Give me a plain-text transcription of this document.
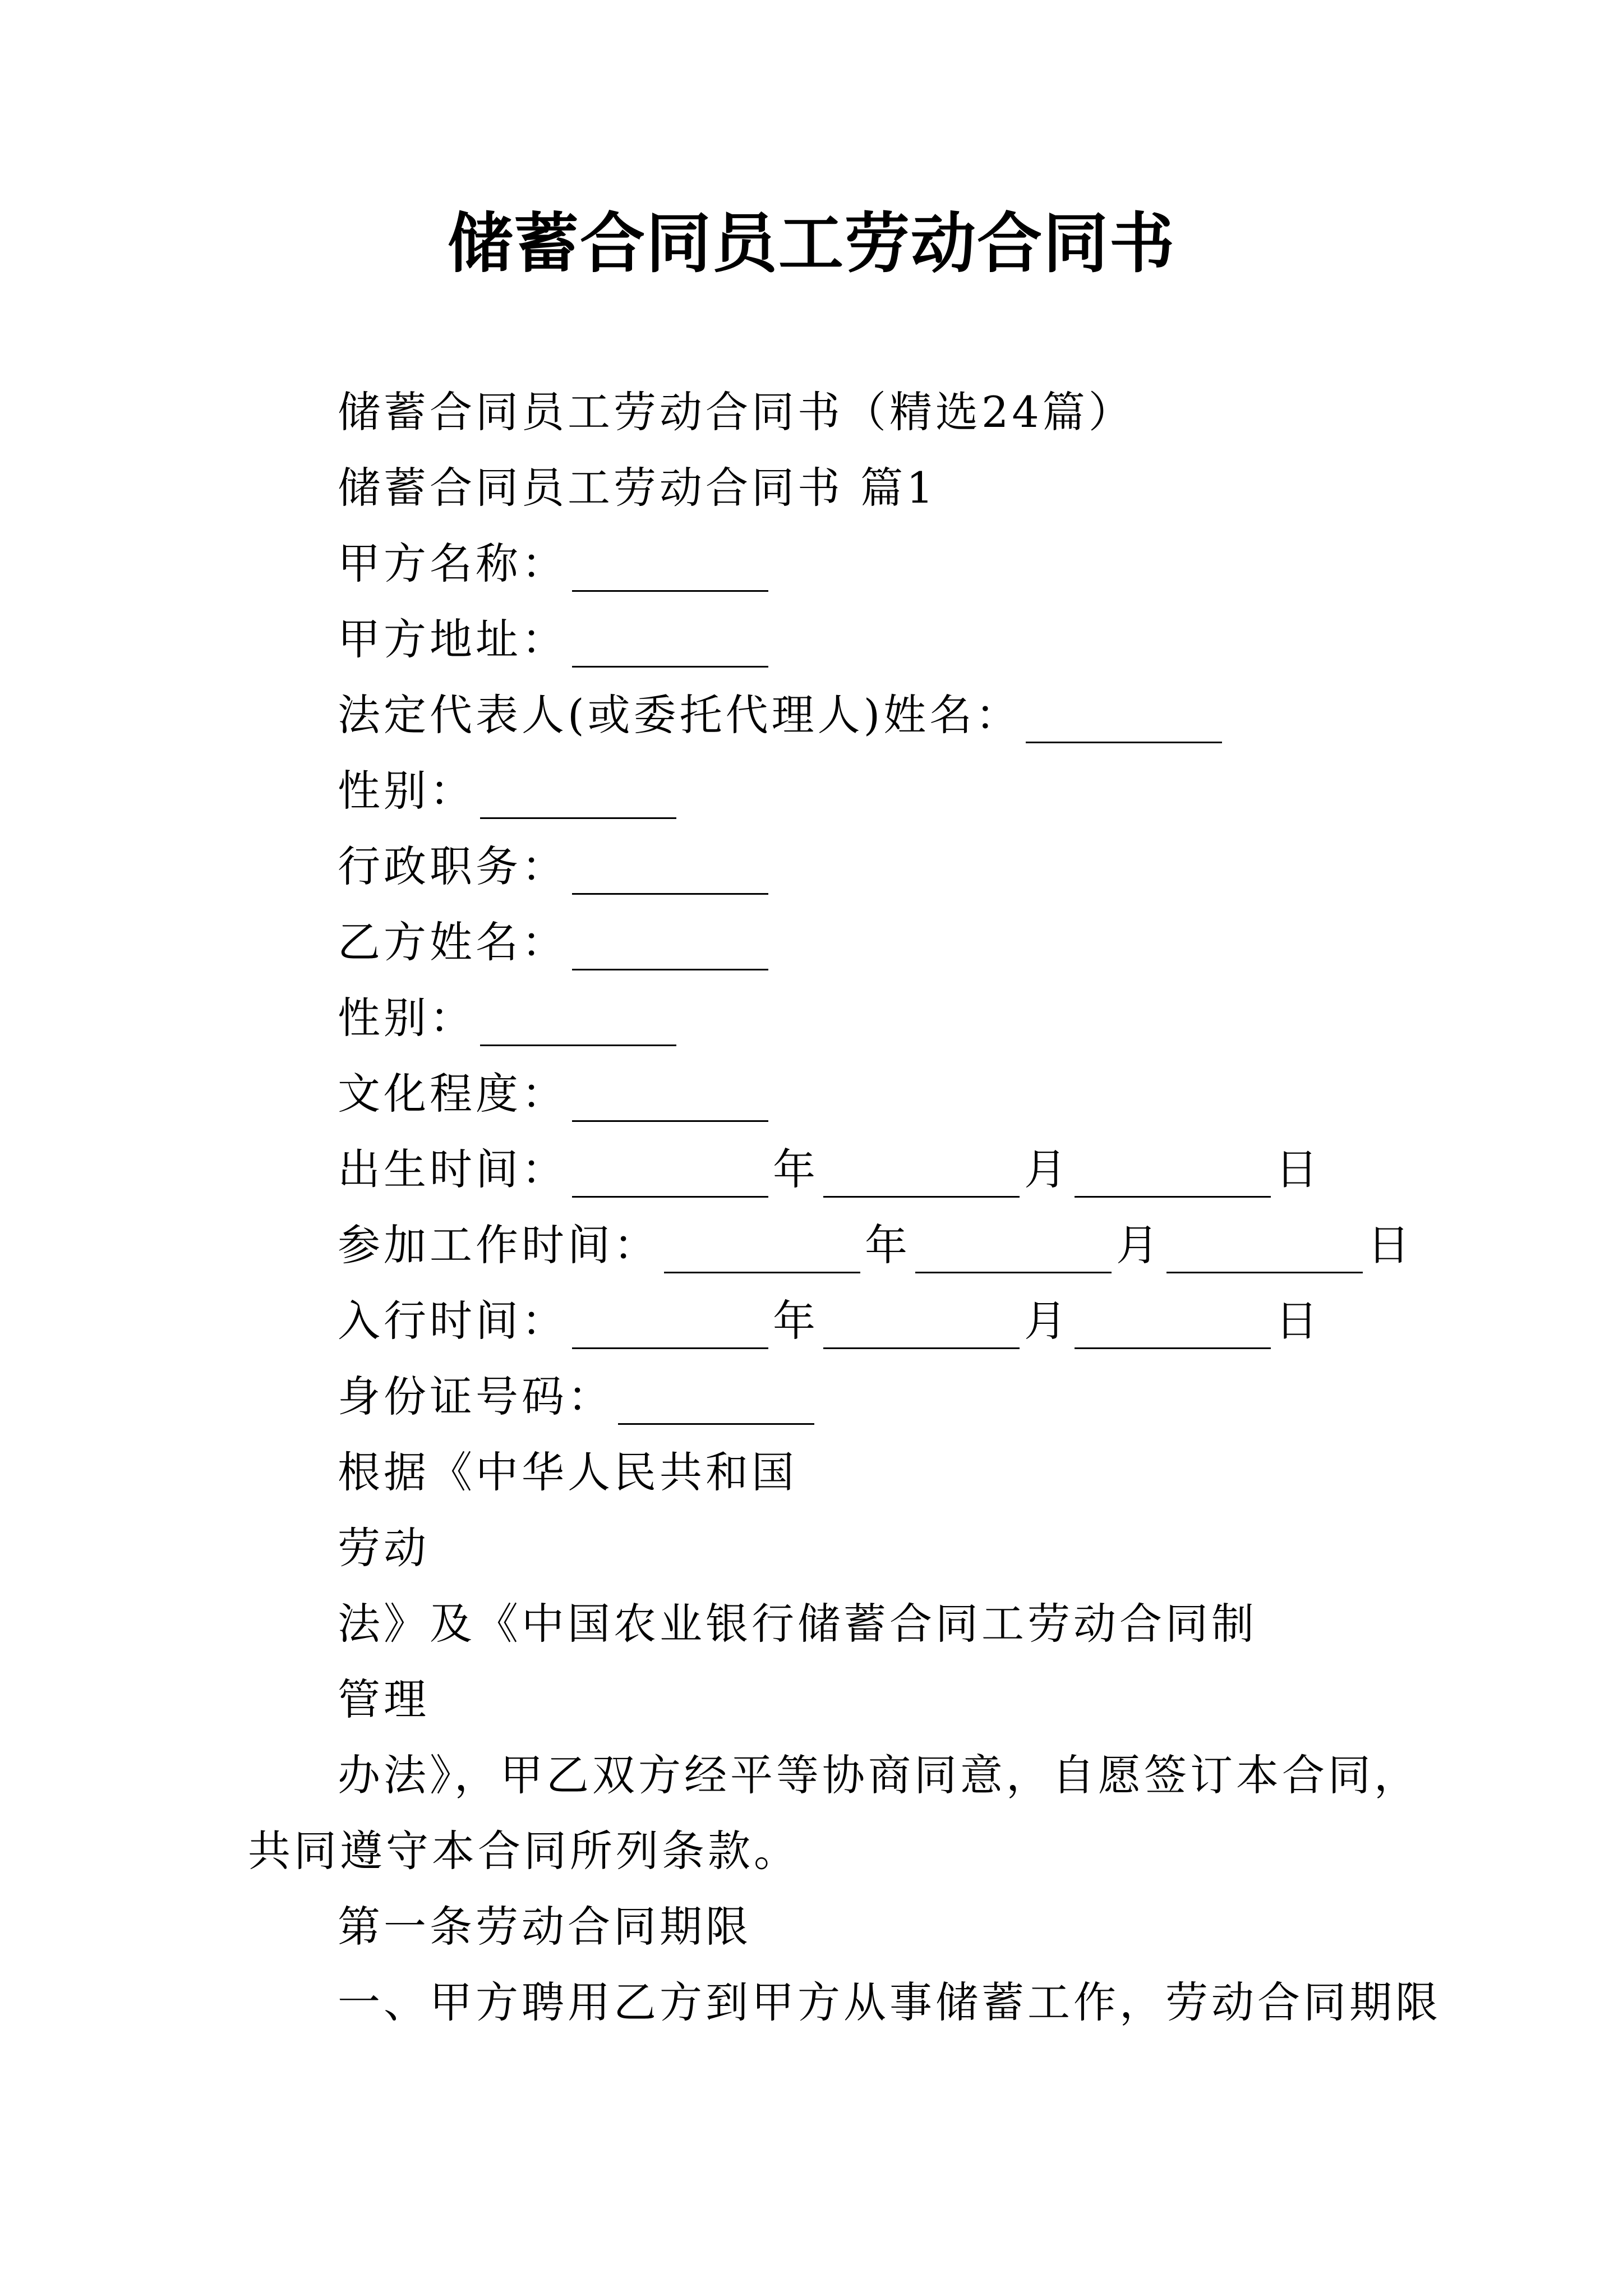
储蓄合同员工劳动合同书
储蓄合同员工劳动合同书（精选24篇）
储蓄合同员工劳动合同书 篇1
甲方名称：
甲方地址：
法定代表人(或委托代理人)姓名：
性别：
行政职务：
乙方姓名：
性别：
文化程度：
出生时间：	年	月	日
参加工作时间：	年	月	日
入行时间：	年	月	日
身份证号码：
根据《中华人民共和国
劳动
法》及《中国农业银行储蓄合同工劳动合同制
管理
办法》，甲乙双方经平等协商同意，自愿签订本合同，
共同遵守本合同所列条款。
第一条劳动合同期限
一、甲方聘用乙方到甲方从事储蓄工作，劳动合同期限
